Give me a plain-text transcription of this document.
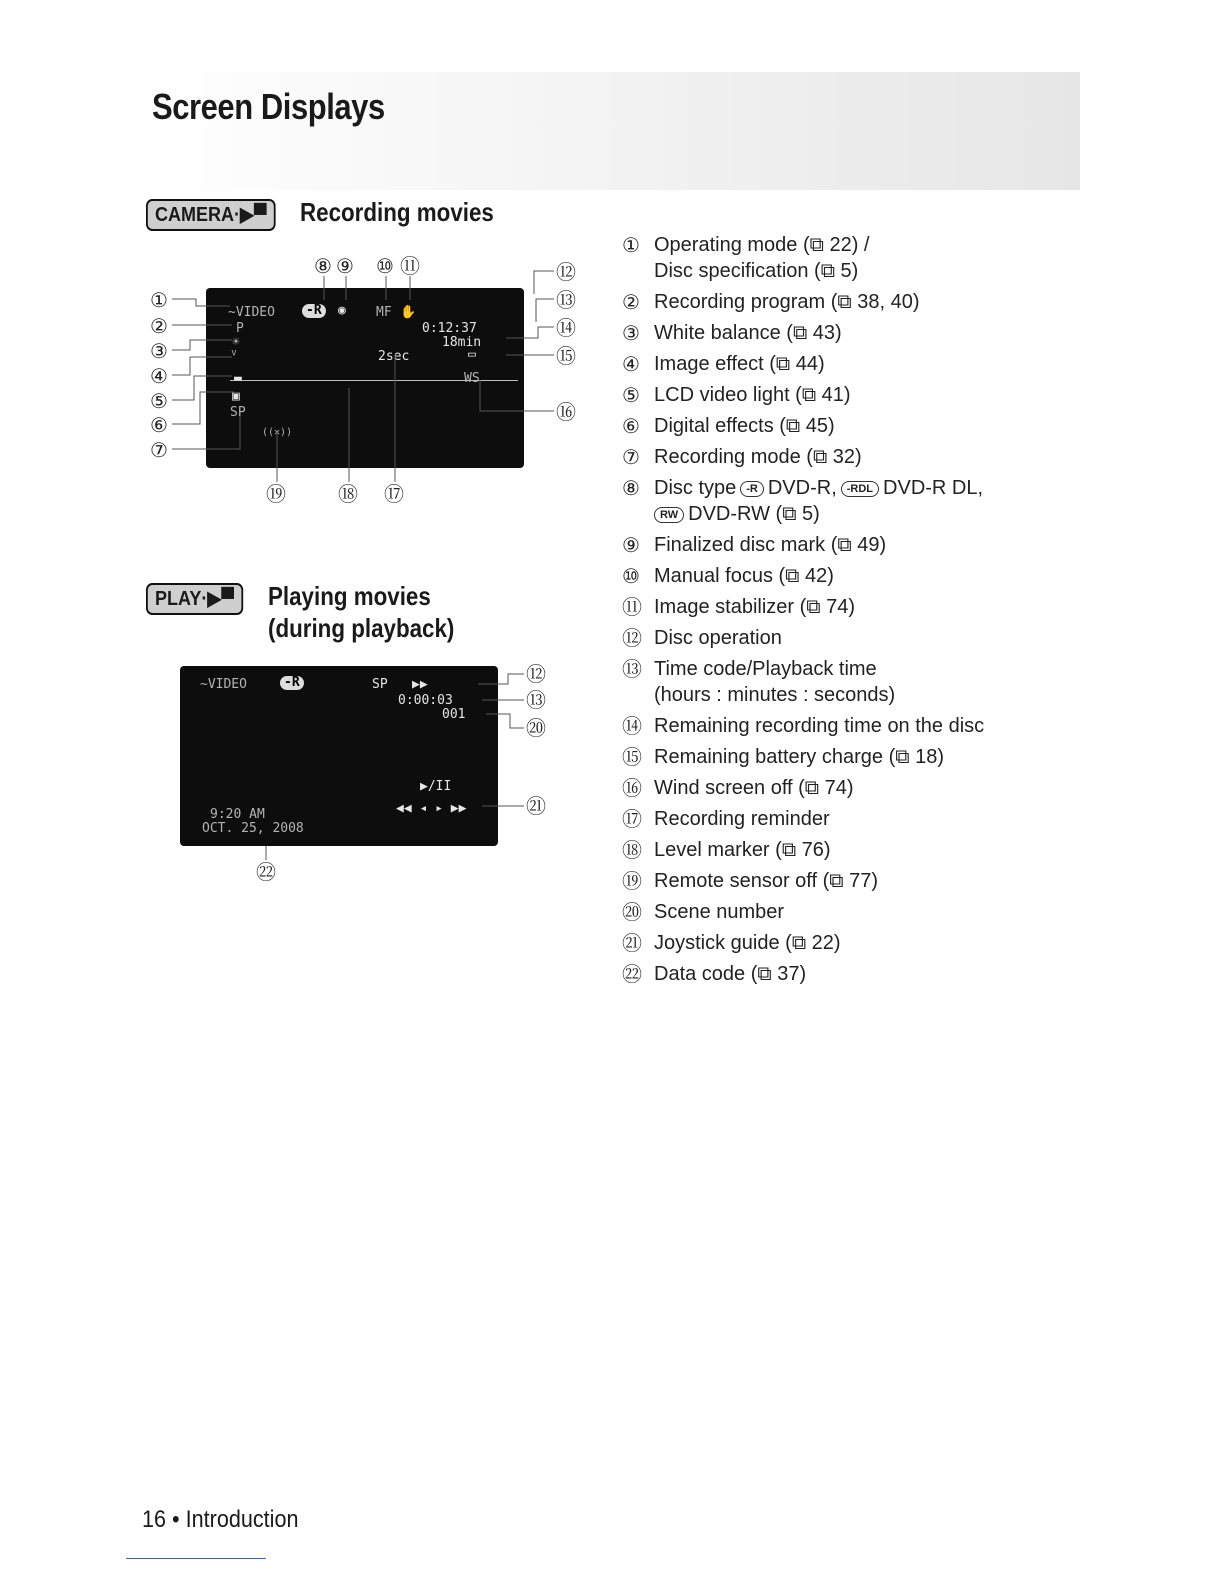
Screen Displays
CAMERA·▶▀	Recording movies
~VIDEO	-R	◉ MF ✋
0:12:37
18min
P
☀
ⱽ	2sec	▭
▬	WS
▣
SP
((✕))
①
②
③
④
⑤
⑥
⑦
⑧ ⑨ ⑩ ⑪	⑫
⑬
⑭
⑮
⑯
⑲	⑱ ⑰
PLAY·▶▀	Playing movies
(during playback)
~VIDEO	-R	SP ▶▶
0:00:03
001
▶/II
◀◀ ◂ ▸ ▶▶
9:20 AM
OCT. 25, 2008
⑫
⑬
⑳
㉑
㉒
① Operating mode (⧉ 22) /
Disc specification (⧉ 5)
② Recording program (⧉ 38, 40)
③ White balance (⧉ 43)
④ Image effect (⧉ 44)
⑤ LCD video light (⧉ 41)
⑥ Digital effects (⧉ 45)
⑦ Recording mode (⧉ 32)
⑧ Disc type -R DVD-R, -RDL DVD-R DL,
RW DVD-RW (⧉ 5)
⑨ Finalized disc mark (⧉ 49)
⑩ Manual focus (⧉ 42)
⑪ Image stabilizer (⧉ 74)
⑫ Disc operation
⑬ Time code/Playback time
(hours : minutes : seconds)
⑭ Remaining recording time on the disc
⑮ Remaining battery charge (⧉ 18)
⑯ Wind screen off (⧉ 74)
⑰ Recording reminder
⑱ Level marker (⧉ 76)
⑲ Remote sensor off (⧉ 77)
⑳ Scene number
㉑ Joystick guide (⧉ 22)
㉒ Data code (⧉ 37)
16 • Introduction
